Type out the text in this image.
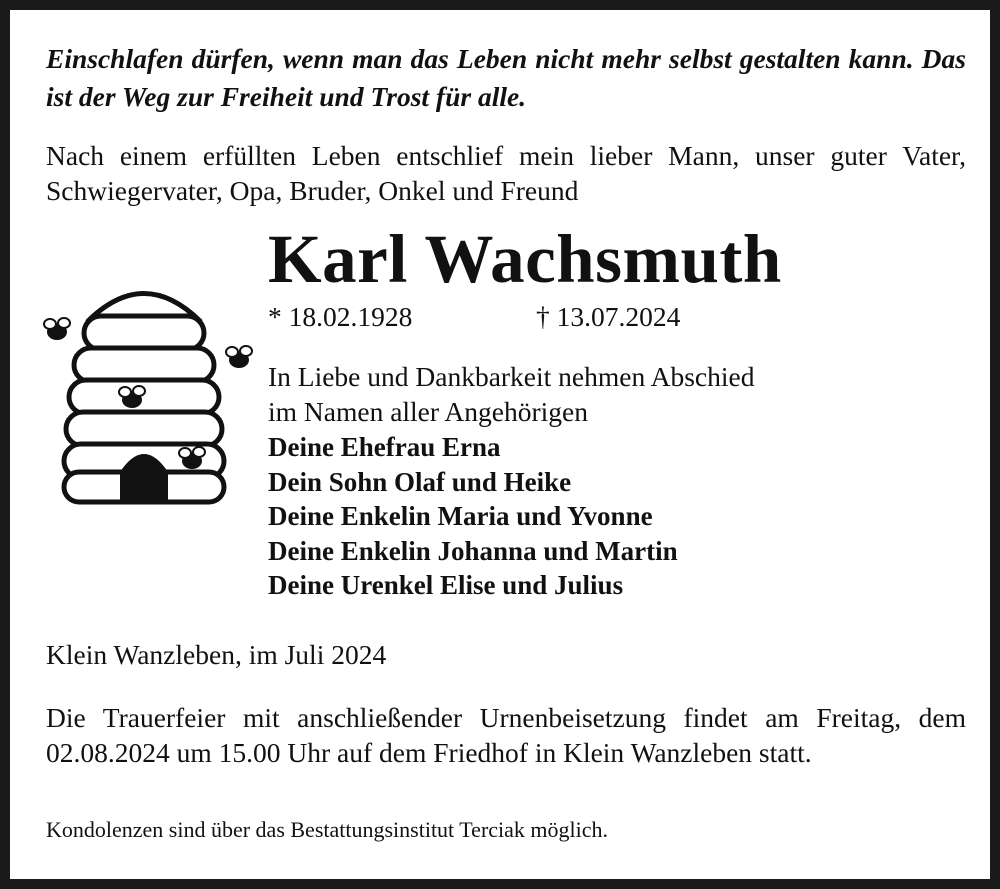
Einschlafen dürfen, wenn man das Leben nicht mehr selbst gestalten kann. Das ist der Weg zur Freiheit und Trost für alle.

Nach einem erfüllten Leben entschlief mein lieber Mann, unser guter Vater, Schwiegervater, Opa, Bruder, Onkel und Freund

Karl Wachsmuth
* 18.02.1928	† 13.07.2024

In Liebe und Dankbarkeit nehmen Abschied

im Namen aller Angehörigen

Deine Ehefrau Erna

Dein Sohn Olaf und Heike

Deine Enkelin Maria und Yvonne

Deine Enkelin Johanna und Martin

Deine Urenkel Elise und Julius

Klein Wanzleben, im Juli 2024

Die Trauerfeier mit anschließender Urnenbeisetzung findet am Freitag, dem 02.08.2024 um 15.00 Uhr auf dem Friedhof in Klein Wanzleben statt.

Kondolenzen sind über das Bestattungsinstitut Terciak möglich.
